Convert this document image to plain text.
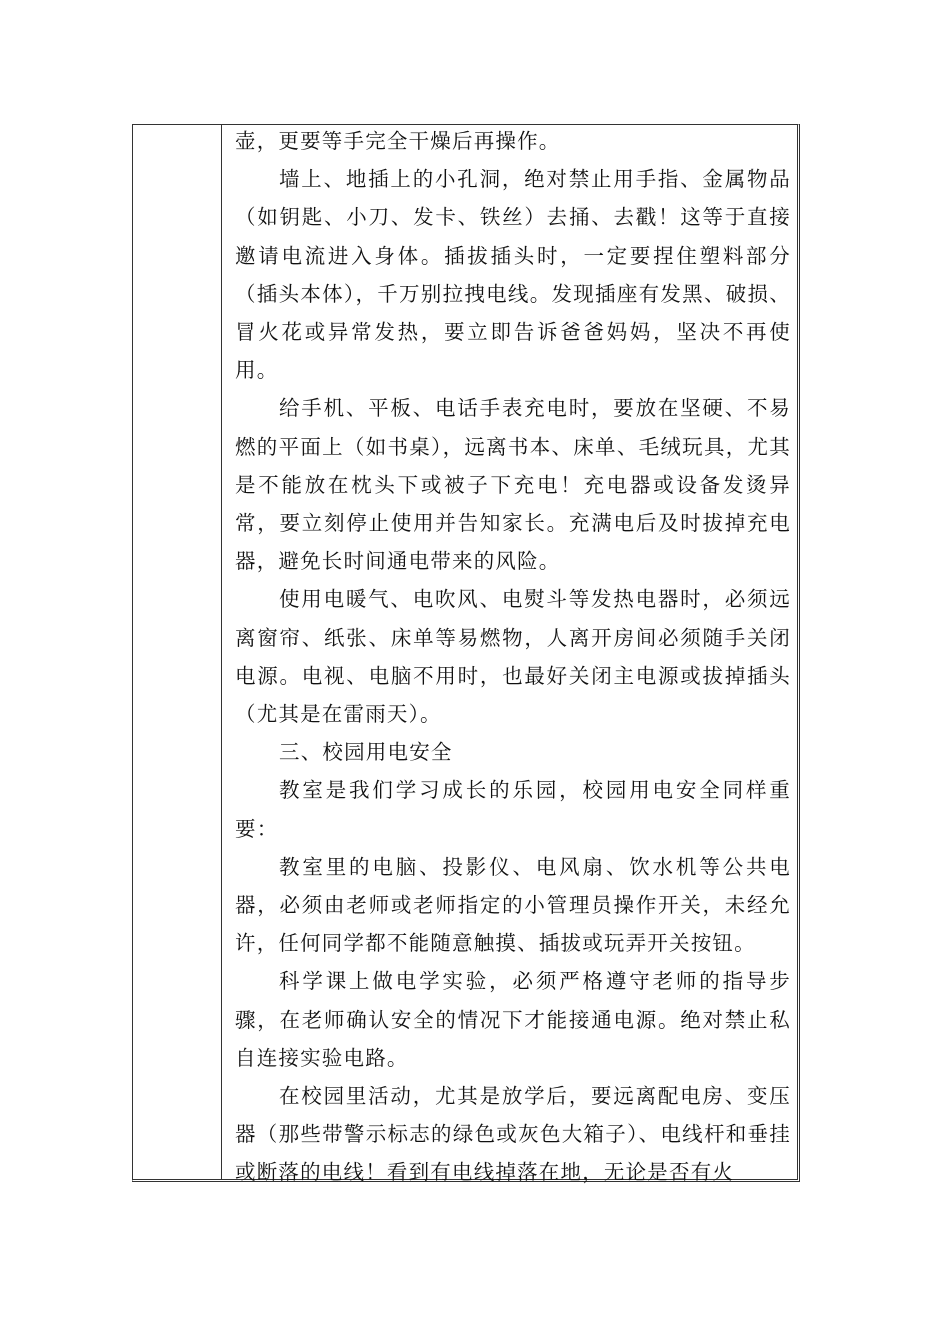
壶，更要等手完全干燥后再操作。

墙上、地插上的小孔洞，绝对禁止用手指、金属物品（如钥匙、小刀、发卡、铁丝）去捅、去戳！这等于直接邀请电流进入身体。插拔插头时，一定要捏住塑料部分（插头本体），千万别拉拽电线。发现插座有发黑、破损、冒火花或异常发热，要立即告诉爸爸妈妈，坚决不再使用。

给手机、平板、电话手表充电时，要放在坚硬、不易燃的平面上（如书桌），远离书本、床单、毛绒玩具，尤其是不能放在枕头下或被子下充电！充电器或设备发烫异常，要立刻停止使用并告知家长。充满电后及时拔掉充电器，避免长时间通电带来的风险。

使用电暖气、电吹风、电熨斗等发热电器时，必须远离窗帘、纸张、床单等易燃物，人离开房间必须随手关闭电源。电视、电脑不用时，也最好关闭主电源或拔掉插头（尤其是在雷雨天）。

三、校园用电安全

教室是我们学习成长的乐园，校园用电安全同样重要：

教室里的电脑、投影仪、电风扇、饮水机等公共电器，必须由老师或老师指定的小管理员操作开关，未经允许，任何同学都不能随意触摸、插拔或玩弄开关按钮。

科学课上做电学实验，必须严格遵守老师的指导步骤，在老师确认安全的情况下才能接通电源。绝对禁止私自连接实验电路。

在校园里活动，尤其是放学后，要远离配电房、变压器（那些带警示标志的绿色或灰色大箱子）、电线杆和垂挂或断落的电线！看到有电线掉落在地，无论是否有火
